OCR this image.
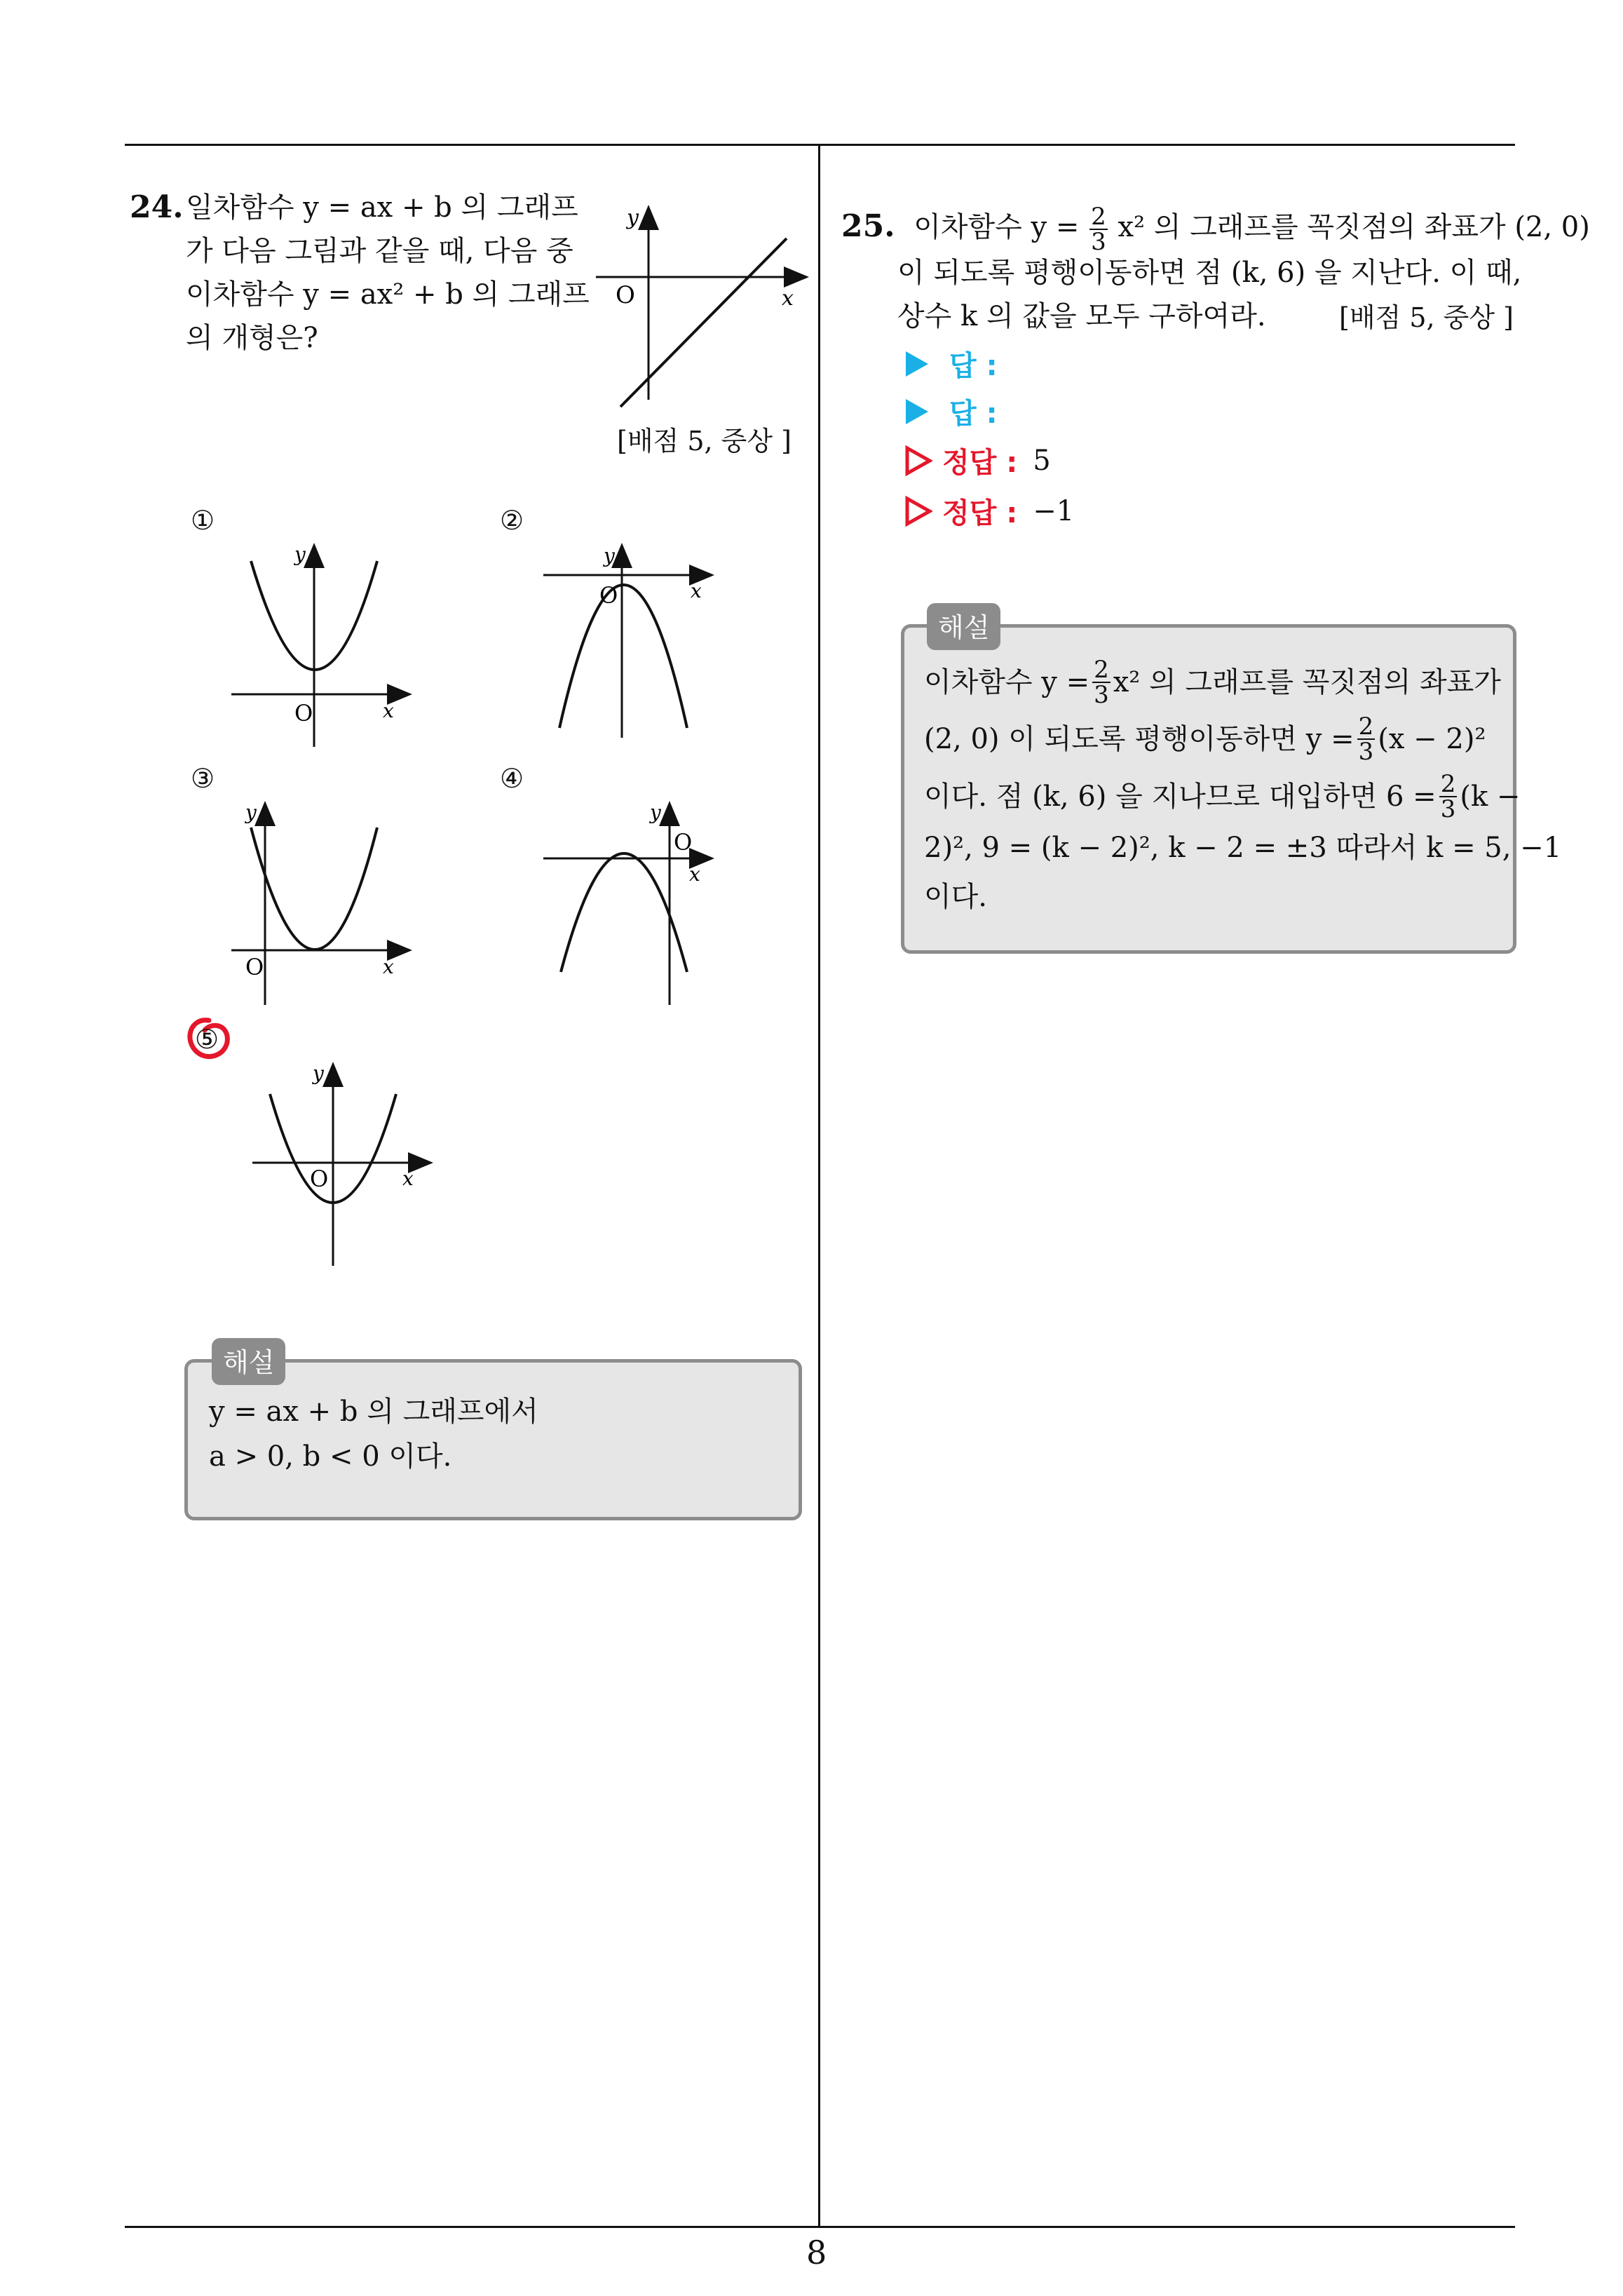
8
24. 일차함수 y = ax + b 의 그래프
가 다음 그림과 같을 때, 다음 중
이차함수 y = ax² + b 의 그래프
의 개형은?
y
x
O
[배점 5, 중상 ]
①
y
x
O
②
y
x
O
③
y
x
O
④
y
x
O
⑤
y
x
O
y = ax + b 의 그래프에서
a > 0, b < 0 이다.
해설
25. 이차함수 $y = \frac{2}{3} x^2$ 의 그래프를 꼭짓점의 좌표가 (2, 0)
이 되도록 평행이동하면 점 (k, 6) 을 지난다. 이 때,
상수 k 의 값을 모두 구하여라.	[배점 5, 중상 ]
답 :
답 :
정답 : 5
정답 : −1
이차함수 $y = \frac{2}{3} x^2$ 의 그래프를 꼭짓점의 좌표가
(2, 0) 이 되도록 평행이동하면 $y = \frac{2}{3} (x - 2)^2$
이다. 점 (k, 6) 을 지나므로 대입하면 $6 = \frac{2}{3} (k$ −
2)², 9 = (k − 2)², k − 2 = ±3 따라서 k = 5, −1
이다.
해설
